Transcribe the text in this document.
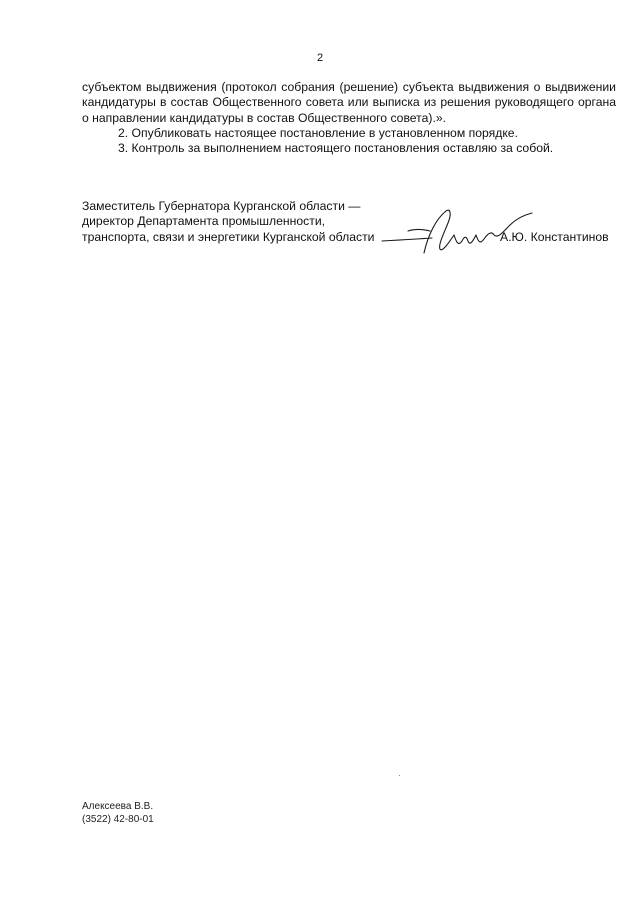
2

субъектом выдвижения (протокол собрания (решение) субъекта выдвижения о выдвижении кандидатуры в состав Общественного совета или выписка из решения руководящего органа о направлении кандидатуры в состав Общественного совета).».

2. Опубликовать настоящее постановление в установленном порядке.

3. Контроль за выполнением настоящего постановления оставляю за собой.

Заместитель Губернатора Курганской области —
директор Департамента промышленности,
транспорта, связи и энергетики Курганской области	А.Ю. Константинов
Алексеева В.В.
(3522) 42-80-01
